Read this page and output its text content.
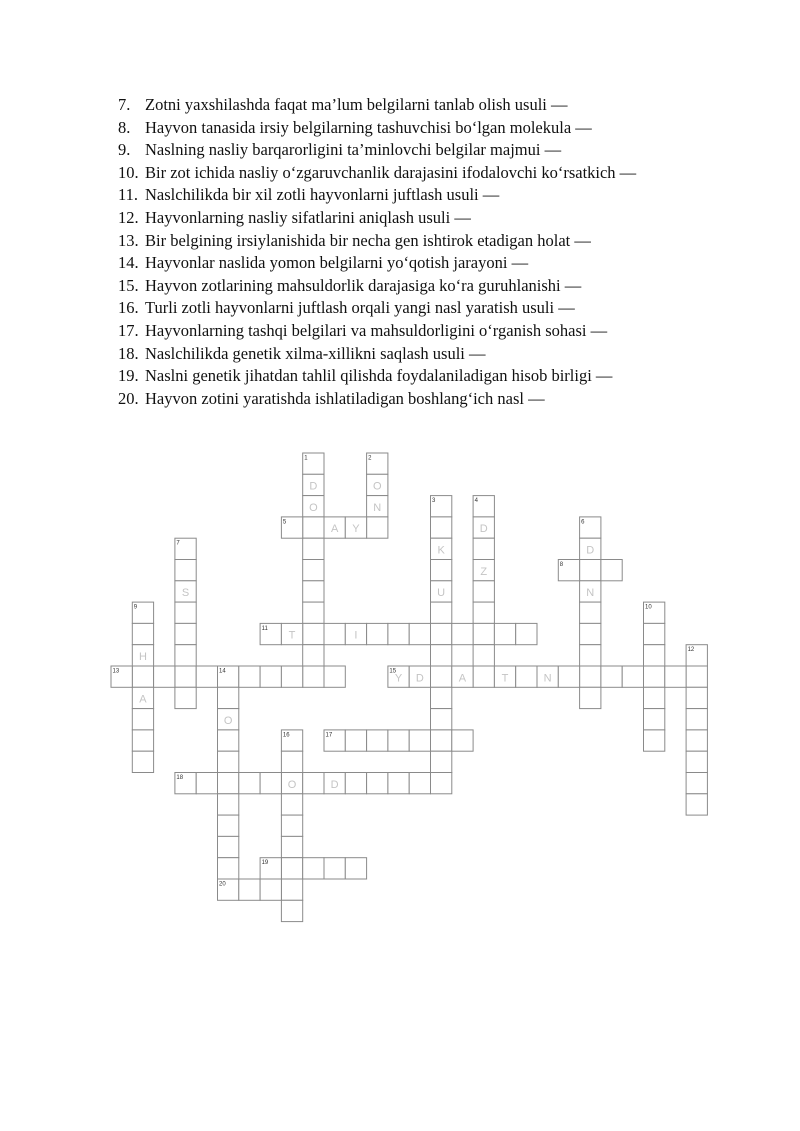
7. Zotni yaxshilashda faqat ma’lum belgilarni tanlab olish usuli —
8. Hayvon tanasida irsiy belgilarning tashuvchisi bo‘lgan molekula —
9. Naslning nasliy barqarorligini ta’minlovchi belgilar majmui —
10. Bir zot ichida nasliy o‘zgaruvchanlik darajasini ifodalovchi ko‘rsatkich —
11. Naslchilikda bir xil zotli hayvonlarni juftlash usuli —
12. Hayvonlarning nasliy sifatlarini aniqlash usuli —
13. Bir belgining irsiylanishida bir necha gen ishtirok etadigan holat —
14. Hayvonlar naslida yomon belgilarni yo‘qotish jarayoni —
15. Hayvon zotlarining mahsuldorlik darajasiga ko‘ra guruhlanishi —
16. Turli zotli hayvonlarni juftlash orqali yangi nasl yaratish usuli —
17. Hayvonlarning tashqi belgilari va mahsuldorligini o‘rganish sohasi —
18. Naslchilikda genetik xilma-xillikni saqlash usuli —
19. Naslni genetik jihatdan tahlil qilishda foydalaniladigan hisob birligi —
20. Hayvon zotini yaratishda ishlatiladigan boshlang‘ich nasl —
D
O
O
N
A Y
K
U
D
Z
D
N
S
H
A
T	I
Y D	A	T	N
O
O	D
1	2
3	4
5	6
7
8
9	10
11
12
13	14	15
16	17
18
19
20
